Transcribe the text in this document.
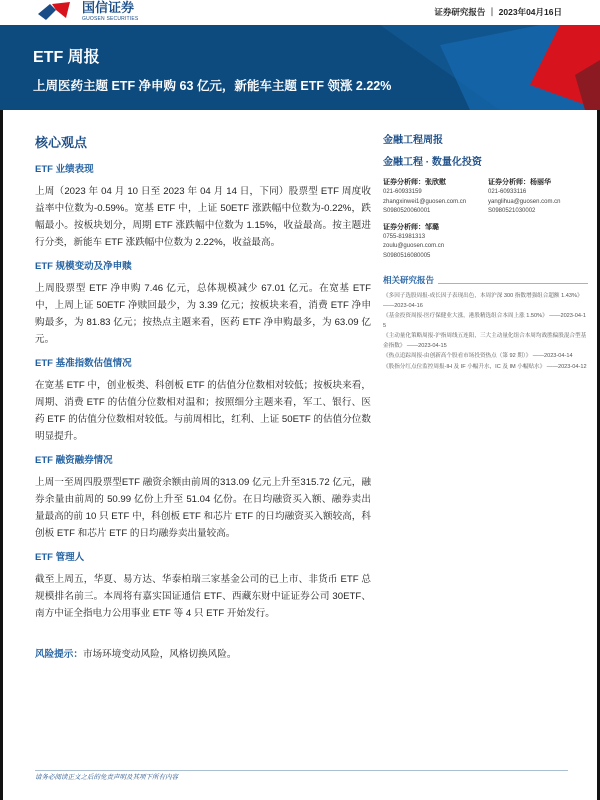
国信证券
GUOSEN SECURITIES
证券研究报告 ｜ 2023年04月16日
ETF 周报
上周医药主题 ETF 净申购 63 亿元，新能车主题 ETF 领涨 2.22%
核心观点
ETF 业绩表现
上周（2023 年 04 月 10 日至 2023 年 04 月 14 日，下同）股票型 ETF 周度收益率中位数为-0.59%。宽基 ETF 中，上证 50ETF 涨跌幅中位数为-0.22%，跌幅最小。按板块划分，周期 ETF 涨跌幅中位数为 1.15%，收益最高。按主题进行分类，新能车 ETF 涨跌幅中位数为 2.22%，收益最高。
ETF 规模变动及净申赎
上周股票型 ETF 净申购 7.46 亿元，总体规模减少 67.01 亿元。在宽基 ETF 中，上周上证 50ETF 净赎回最少，为 3.39 亿元；按板块来看，消费 ETF 净申购最多，为 81.83 亿元；按热点主题来看，医药 ETF 净申购最多，为 63.09 亿元。
ETF 基准指数估值情况
在宽基 ETF 中，创业板类、科创板 ETF 的估值分位数相对较低；按板块来看，周期、消费 ETF 的估值分位数相对温和；按照细分主题来看，军工、银行、医药 ETF 的估值分位数相对较低。与前周相比，红利、上证 50ETF 的估值分位数明显提升。
ETF 融资融券情况
上周一至周四股票型ETF 融资余额由前周的313.09 亿元上升至315.72 亿元，融券余量由前周的 50.99 亿份上升至 51.04 亿份。在日均融资买入额、融券卖出量最高的前 10 只 ETF 中，科创板 ETF 和芯片 ETF 的日均融资买入额较高，科创板 ETF 和芯片 ETF 的日均融券卖出量较高。
ETF 管理人
截至上周五，华夏、易方达、华泰柏瑞三家基金公司的已上市、非货币 ETF 总规模排名前三。本周将有嘉实国证通信 ETF、西藏东财中证证券公司 30ETF、南方中证全指电力公用事业 ETF 等 4 只 ETF 开始发行。
风险提示：市场环境变动风险，风格切换风险。
金融工程周报
金融工程 · 数量化投资
证券分析师：张欣慰
021-60933159
zhangxinwei1@guosen.com.cn
S0980520060001
证券分析师：杨丽华
021-60933116
yanglihua@guosen.com.cn
S0980521030002
证券分析师：邹璐
0755-81981313
zoulu@guosen.com.cn
S0980516080005
相关研究报告
《多因子选股周报-成长因子表现出色，本周沪深 300 指数增强组合超额 1.43%》 ——2023-04-16
《基金投资周报-医疗保健业大涨，港股精选组合本周上涨 1.50%》 ——2023-04-15
《主动量化策略周报-沪指周线五连阳，三大主动量化组合本周均战胜偏股混合型基金指数》 ——2023-04-15
《热点追踪周报-由创新高个股看市场投资热点（第 92 期）》 ——2023-04-14
《股指分红点位监控周报-IH 及 IF 小幅升水，IC 及 IM 小幅贴水》 ——2023-04-12
请务必阅读正文之后的免责声明及其项下所有内容
